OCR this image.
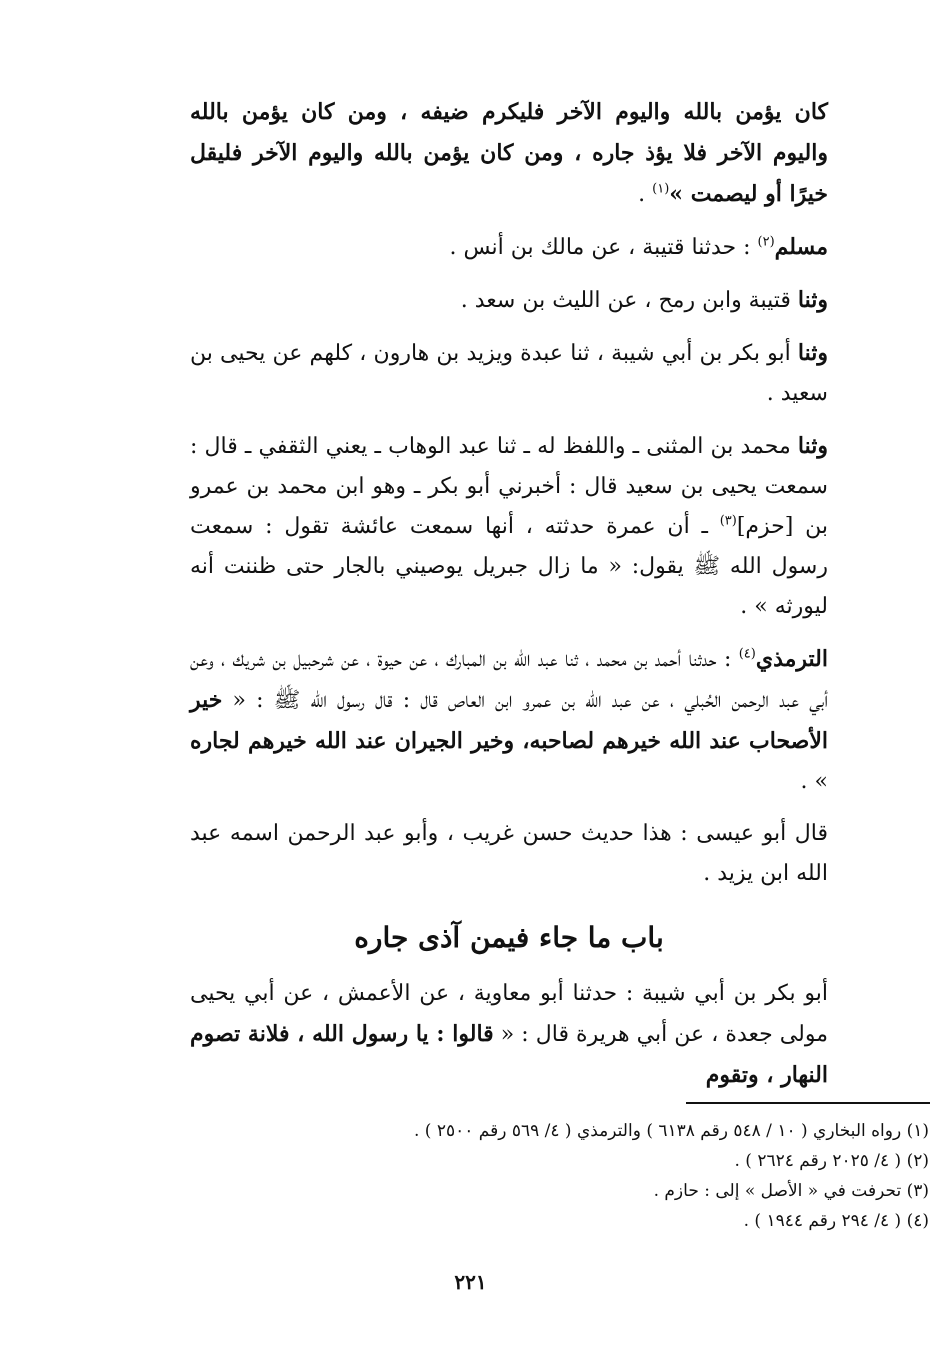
كان يؤمن بالله واليوم الآخر فليكرم ضيفه ، ومن كان يؤمن بالله واليوم الآخر فلا يؤذ جاره ، ومن كان يؤمن بالله واليوم الآخر فليقل خيرًا أو ليصمت »$^{(١)}$ .

مسلم$^{(٢)}$ : حدثنا قتيبة ، عن مالك بن أنس .

وثنا قتيبة وابن رمح ، عن الليث بن سعد .

وثنا أبو بكر بن أبي شيبة ، ثنا عبدة ويزيد بن هارون ، كلهم عن يحيى بن سعيد .

وثنا محمد بن المثنى ـ واللفظ له ـ ثنا عبد الوهاب ـ يعني الثقفي ـ قال : سمعت يحيى بن سعيد قال : أخبرني أبو بكر ـ وهو ابن محمد بن عمرو بن [حزم]$^{(٣)}$ ـ أن عمرة حدثته ، أنها سمعت عائشة تقول : سمعت رسول الله ﷺ يقول: « ما زال جبريل يوصيني بالجار حتى ظننت أنه ليورثه » .

الترمذي$^{(٤)}$ : حدثنا أحمد بن محمد ، ثنا عبد الله بن المبارك ، عن حيوة ، عن شرحبيل بن شريك ، وعن أبي عبد الرحمن الحُبلي ، عن عبد الله بن عمرو ابن العاص قال : قال رسول الله ﷺ : « خير الأصحاب عند الله خيرهم لصاحبه، وخير الجيران عند الله خيرهم لجاره » .

قال أبو عيسى : هذا حديث حسن غريب ، وأبو عبد الرحمن اسمه عبد الله ابن يزيد .

باب ما جاء فيمن آذى جاره

أبو بكر بن أبي شيبة : حدثنا أبو معاوية ، عن الأعمش ، عن أبي يحيى مولى جعدة ، عن أبي هريرة قال : « قالوا : يا رسول الله ، فلانة تصوم النهار ، وتقوم

(١) رواه البخاري ( ١٠ / ٥٤٨ رقم ٦١٣٨ ) والترمذي ( ٤/ ٥٦٩ رقم ٢٥٠٠ ) .

(٢) ( ٤/ ٢٠٢٥ رقم ٢٦٢٤ ) .

(٣) تحرفت في « الأصل » إلى : حازم .

(٤) ( ٤/ ٢٩٤ رقم ١٩٤٤ ) .

٢٢١
